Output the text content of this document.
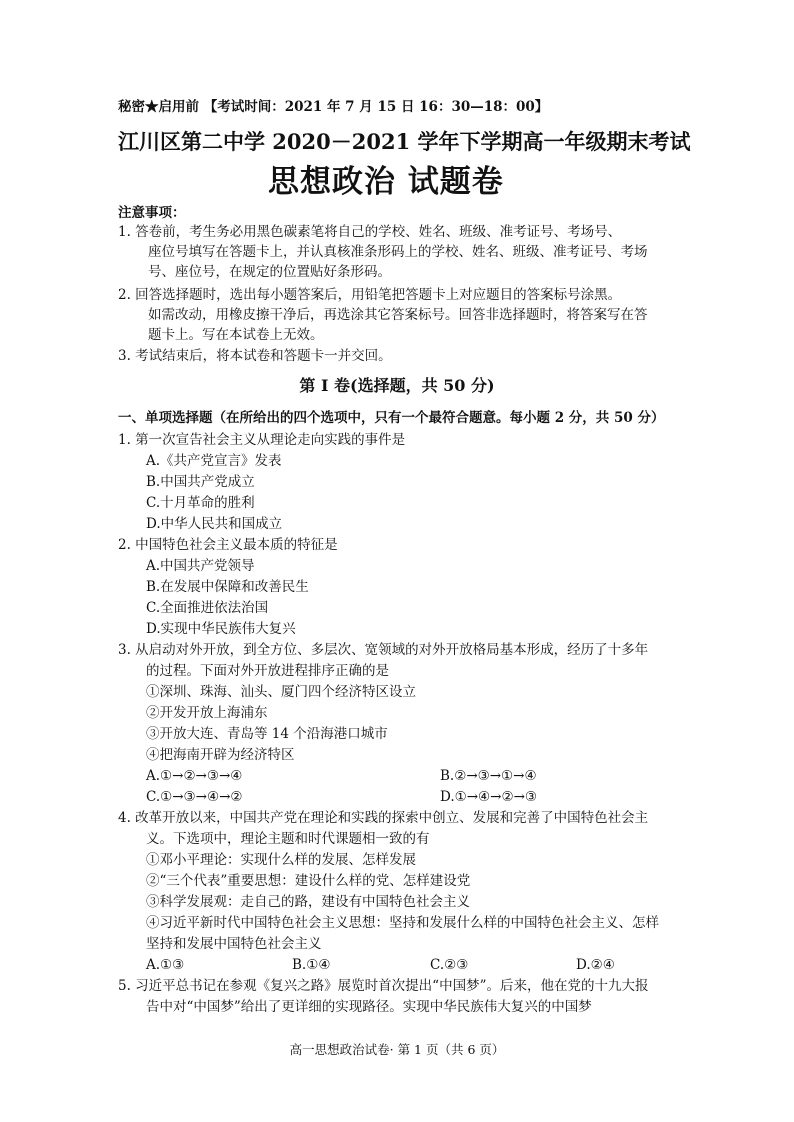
秘密★启用前 【考试时间：2021 年 7 月 15 日 16：30—18：00】
江川区第二中学 2020－2021 学年下学期高一年级期末考试
思想政治 试题卷
注意事项：
1. 答卷前，考生务必用黑色碳素笔将自己的学校、姓名、班级、准考证号、考场号、
座位号填写在答题卡上，并认真核准条形码上的学校、姓名、班级、准考证号、考场
号、座位号，在规定的位置贴好条形码。
2. 回答选择题时，选出每小题答案后，用铅笔把答题卡上对应题目的答案标号涂黑。
如需改动，用橡皮擦干净后，再选涂其它答案标号。回答非选择题时，将答案写在答
题卡上。写在本试卷上无效。
3. 考试结束后，将本试卷和答题卡一并交回。
第 I 卷(选择题，共 50 分)
一、单项选择题（在所给出的四个选项中，只有一个最符合题意。每小题 2 分，共 50 分）
1. 第一次宣告社会主义从理论走向实践的事件是
A.《共产党宣言》发表
B.中国共产党成立
C.十月革命的胜利
D.中华人民共和国成立
2. 中国特色社会主义最本质的特征是
A.中国共产党领导
B.在发展中保障和改善民生
C.全面推进依法治国
D.实现中华民族伟大复兴
3. 从启动对外开放，到全方位、多层次、宽领域的对外开放格局基本形成，经历了十多年
的过程。下面对外开放进程排序正确的是
①深圳、珠海、汕头、厦门四个经济特区设立
②开发开放上海浦东
③开放大连、青岛等 14 个沿海港口城市
④把海南开辟为经济特区
A.①→②→③→④	B.②→③→①→④
C.①→③→④→②	D.①→④→②→③
4. 改革开放以来，中国共产党在理论和实践的探索中创立、发展和完善了中国特色社会主
义。下选项中，理论主题和时代课题相一致的有
①邓小平理论：实现什么样的发展、怎样发展
②“三个代表”重要思想：建设什么样的党、怎样建设党
③科学发展观：走自己的路，建设有中国特色社会主义
④习近平新时代中国特色社会主义思想：坚持和发展什么样的中国特色社会主义、怎样
坚持和发展中国特色社会主义
A.①③	B.①④	C.②③	D.②④
5. 习近平总书记在参观《复兴之路》展览时首次提出“中国梦”。后来，他在党的十九大报
告中对“中国梦”给出了更详细的实现路径。实现中华民族伟大复兴的中国梦
高一思想政治试卷· 第 1 页（共 6 页）
